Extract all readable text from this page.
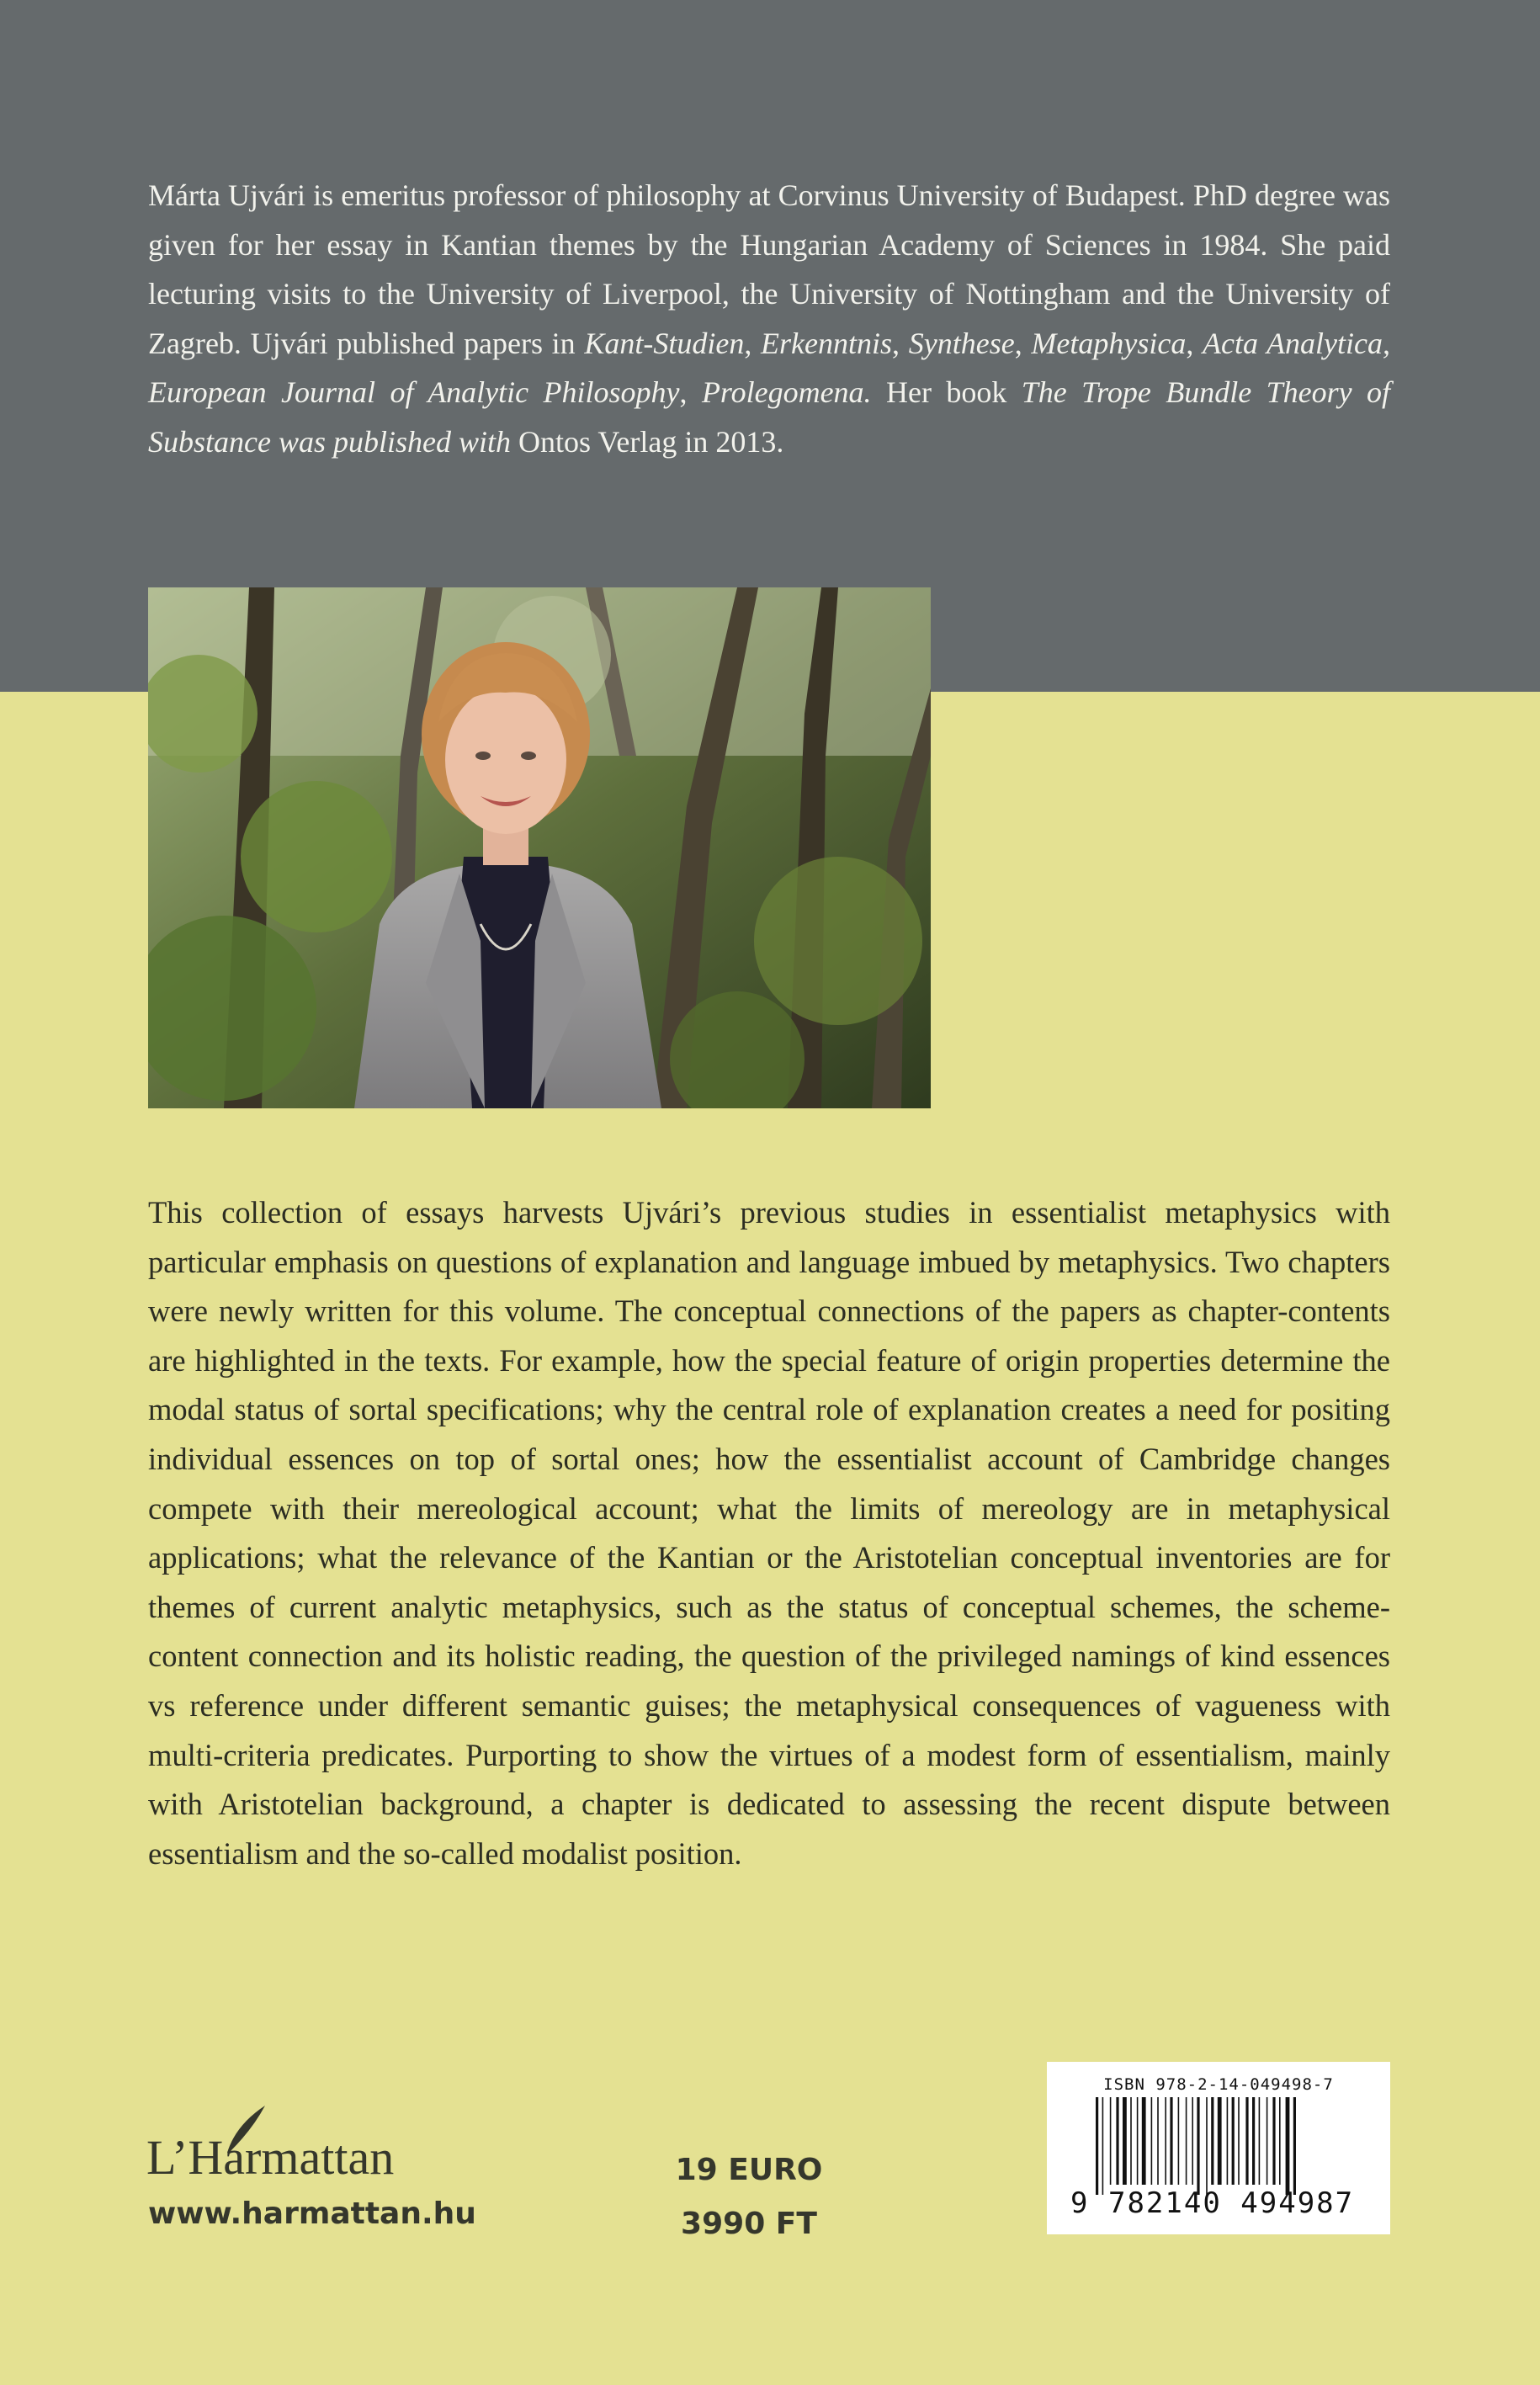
Márta Ujvári is emeritus professor of philosophy at Corvinus University of Budapest. PhD degree was given for her essay in Kantian themes by the Hungarian Academy of Sciences in 1984. She paid lecturing visits to the University of Liverpool, the University of Nottingham and the University of Zagreb. Ujvári published papers in Kant-Studien, Erkenntnis, Synthese, Metaphysica, Acta Analytica, European Journal of Analytic Philosophy, Prolegomena. Her book The Trope Bundle Theory of Substance was published with Ontos Verlag in 2013.

This collection of essays harvests Ujvári’s previous studies in essentialist metaphysics with particular emphasis on questions of explanation and language imbued by metaphysics. Two chapters were newly written for this volume. The conceptual connections of the papers as chapter-contents are highlighted in the texts. For example, how the special feature of origin properties determine the modal status of sortal specifications; why the central role of explanation creates a need for positing individual essences on top of sortal ones; how the essentialist account of Cambridge changes compete with their mereological account; what the limits of mereology are in metaphysical applications; what the relevance of the Kantian or the Aristotelian conceptual inventories are for themes of current analytic metaphysics, such as the status of conceptual schemes, the scheme-content connection and its holistic reading, the question of the privileged namings of kind essences vs reference under different semantic guises; the metaphysical consequences of vagueness with multi-criteria predicates. Purporting to show the virtues of a modest form of essentialism, mainly with Aristotelian background, a chapter is dedicated to assessing the recent dispute between essentialism and the so-called modalist position.

L’Harmattan
www.harmattan.hu
19 EURO
3990 FT
ISBN 978-2-14-049498-7
9 782140 494987
